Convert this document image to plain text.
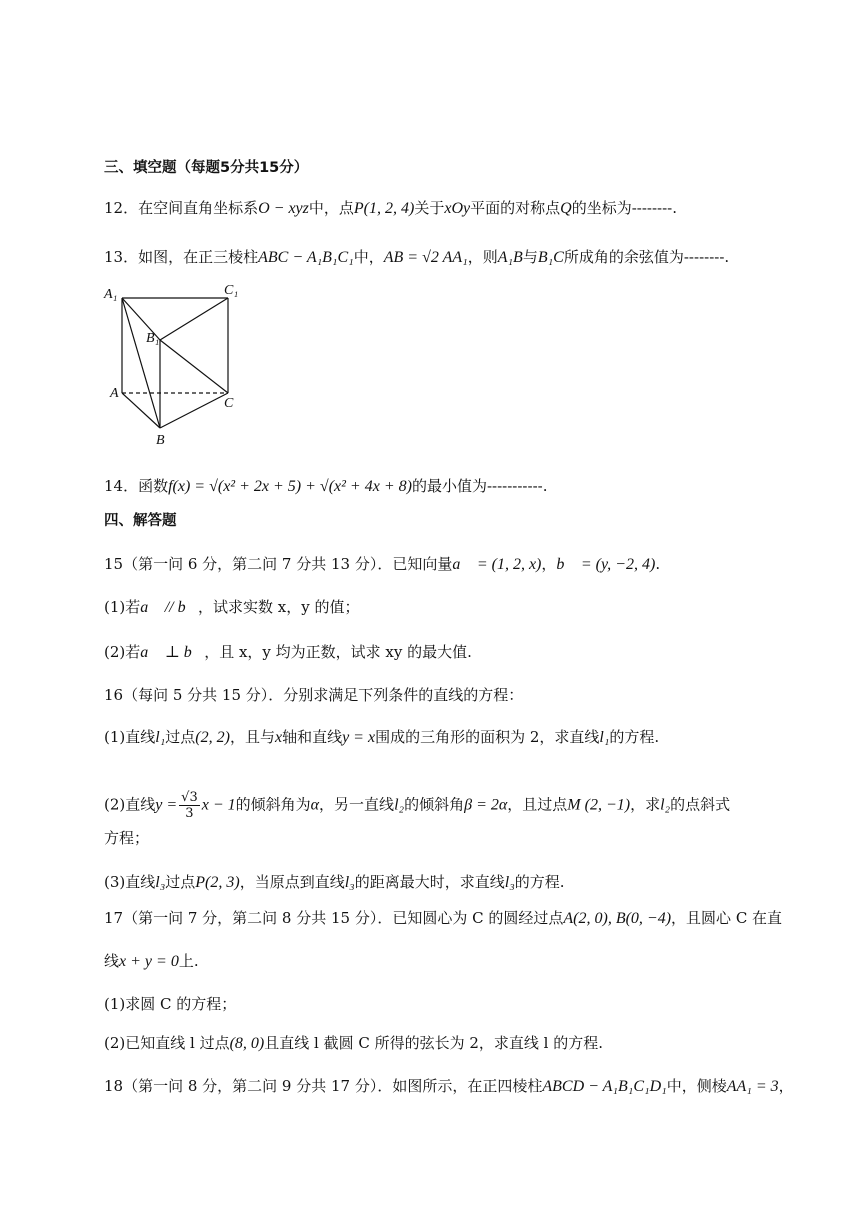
三、填空题（每题5分共15分）
12．在空间直角坐标系O − xyz中，点P(1, 2, 4)关于xOy平面的对称点Q的坐标为--------.
13．如图，在正三棱柱ABC − A₁B₁C₁中，AB = √2 AA₁，则A₁B与B₁C所成角的余弦值为--------.
A₁	C₁
B₁
A
C
B
14．函数f(x) = √(x² + 2x + 5) + √(x² + 4x + 8)的最小值为-----------.
四、解答题
15（第一问 6 分，第二问 7 分共 13 分）．已知向量a⃗ = (1, 2, x)，b⃗ = (y, −2, 4).
(1)若a⃗ // b⃗，试求实数 x，y 的值；
(2)若a⃗ ⊥ b⃗，且 x，y 均为正数，试求 xy 的最大值.
16（每问 5 分共 15 分）．分别求满足下列条件的直线的方程：
(1)直线l₁过点(2, 2)，且与x轴和直线y = x围成的三角形的面积为 2，求直线l₁的方程.
(2)直线$y = \frac{√3}{3}$ x − 1的倾斜角为α，另一直线l₂的倾斜角β = 2α，且过点M (2, −1)，求l₂的点斜式
方程；
(3)直线l₃过点P(2, 3)，当原点到直线l₃的距离最大时，求直线l₃的方程.
17（第一问 7 分，第二问 8 分共 15 分）．已知圆心为 C 的圆经过点A(2, 0), B(0, −4)，且圆心 C 在直
线x + y = 0上.
(1)求圆 C 的方程；
(2)已知直线 l 过点(8, 0)且直线 l 截圆 C 所得的弦长为 2，求直线 l 的方程.
18（第一问 8 分，第二问 9 分共 17 分）．如图所示，在正四棱柱ABCD − A₁B₁C₁D₁中，侧棱AA₁ = 3，
